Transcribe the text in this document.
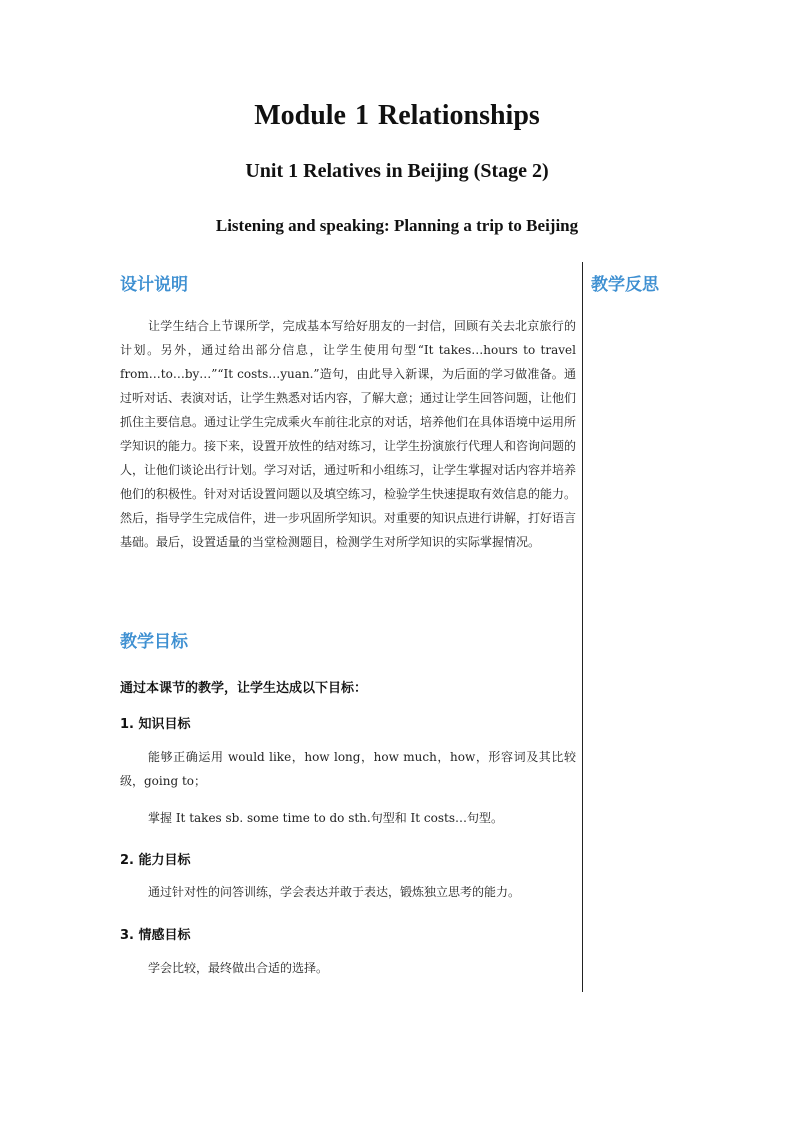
Module 1 Relationships
Unit 1 Relatives in Beijing (Stage 2)
Listening and speaking: Planning a trip to Beijing
设计说明	教学反思
让学生结合上节课所学，完成基本写给好朋友的一封信，回顾有关去北京旅行的计划。另外，通过给出部分信息，让学生使用句型“It takes…hours to travel from…to…by…”“It costs…yuan.”造句，由此导入新课，为后面的学习做准备。通过听对话、表演对话，让学生熟悉对话内容，了解大意；通过让学生回答问题，让他们抓住主要信息。通过让学生完成乘火车前往北京的对话，培养他们在具体语境中运用所学知识的能力。接下来，设置开放性的结对练习，让学生扮演旅行代理人和咨询问题的人，让他们谈论出行计划。学习对话，通过听和小组练习，让学生掌握对话内容并培养他们的积极性。针对对话设置问题以及填空练习，检验学生快速提取有效信息的能力。然后，指导学生完成信件，进一步巩固所学知识。对重要的知识点进行讲解，打好语言基础。最后，设置适量的当堂检测题目，检测学生对所学知识的实际掌握情况。
教学目标
通过本课节的教学，让学生达成以下目标：
1. 知识目标
能够正确运用 would like，how long，how much，how，形容词及其比较级，going to；
掌握 It takes sb. some time to do sth.句型和 It costs…句型。
2. 能力目标
通过针对性的问答训练，学会表达并敢于表达，锻炼独立思考的能力。
3. 情感目标
学会比较，最终做出合适的选择。
